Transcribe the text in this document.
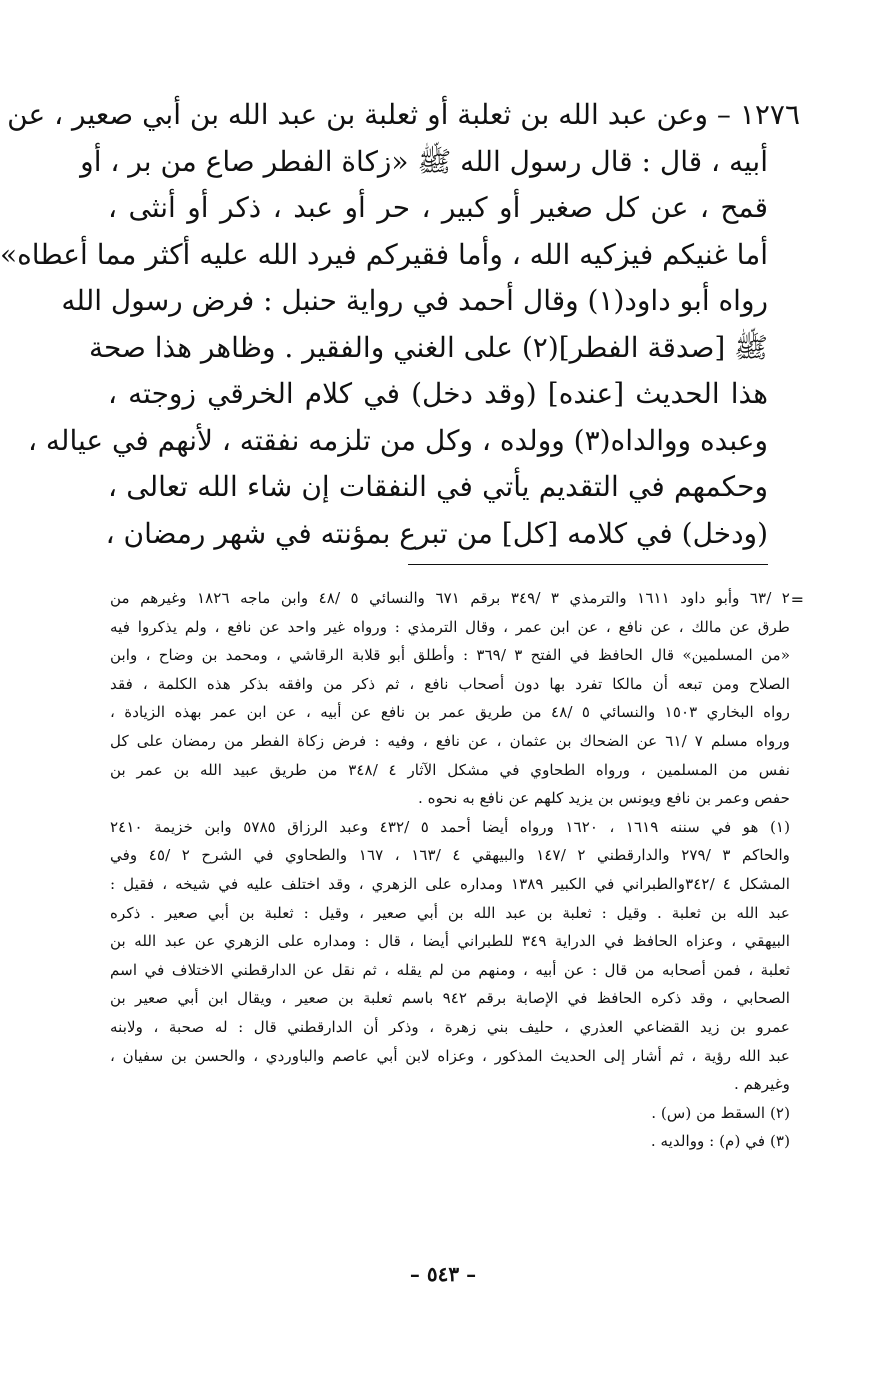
١٢٧٦ – وعن عبد الله بن ثعلبة أو ثعلبة بن عبد الله بن أبي صعير ، عن
أبيه ، قال : قال رسول الله ﷺ «زكاة الفطر صاع من بر ، أو
قمح ، عن كل صغير أو كبير ، حر أو عبد ، ذكر أو أنثى ،
أما غنيكم فيزكيه الله ، وأما فقيركم فيرد الله عليه أكثر مما أعطاه»
رواه أبو داود(١) وقال أحمد في رواية حنبل : فرض رسول الله
ﷺ [صدقة الفطر](٢) على الغني والفقير . وظاهر هذا صحة
هذا الحديث [عنده] (وقد دخل) في كلام الخرقي زوجته ،
وعبده ووالداه(٣) وولده ، وكل من تلزمه نفقته ، لأنهم في عياله ،
وحكمهم في التقديم يأتي في النفقات إن شاء الله تعالى ،
(ودخل) في كلامه [كل] من تبرع بمؤنته في شهر رمضان ،
=
٢ /٦٣ وأبو داود ١٦١١ والترمذي ٣ /٣٤٩ برقم ٦٧١ والنسائي ٥ /٤٨ وابن ماجه ١٨٢٦ وغيرهم من
طرق عن مالك ، عن نافع ، عن ابن عمر ، وقال الترمذي : ورواه غير واحد عن نافع ، ولم يذكروا فيه
«من المسلمين» قال الحافظ في الفتح ٣ /٣٦٩ : وأطلق أبو قلابة الرقاشي ، ومحمد بن وضاح ، وابن
الصلاح ومن تبعه أن مالكا تفرد بها دون أصحاب نافع ، ثم ذكر من وافقه بذكر هذه الكلمة ، فقد
رواه البخاري ١٥٠٣ والنسائي ٥ /٤٨ من طريق عمر بن نافع عن أبيه ، عن ابن عمر بهذه الزيادة ،
ورواه مسلم ٧ /٦١ عن الضحاك بن عثمان ، عن نافع ، وفيه : فرض زكاة الفطر من رمضان على كل
نفس من المسلمين ، ورواه الطحاوي في مشكل الآثار ٤ /٣٤٨ من طريق عبيد الله بن عمر بن
حفص وعمر بن نافع ويونس بن يزيد كلهم عن نافع به نحوه .
(١) هو في سننه ١٦١٩ ، ١٦٢٠ ورواه أيضا أحمد ٥ /٤٣٢ وعبد الرزاق ٥٧٨٥ وابن خزيمة ٢٤١٠
والحاكم ٣ /٢٧٩ والدارقطني ٢ /١٤٧ والبيهقي ٤ /١٦٣ ، ١٦٧ والطحاوي في الشرح ٢ /٤٥ وفي
المشكل ٤ /٣٤٢والطبراني في الكبير ١٣٨٩ ومداره على الزهري ، وقد اختلف عليه في شيخه ، فقيل :
عبد الله بن ثعلبة . وقيل : ثعلبة بن عبد الله بن أبي صعير ، وقيل : ثعلبة بن أبي صعير . ذكره
البيهقي ، وعزاه الحافظ في الدراية ٣٤٩ للطبراني أيضا ، قال : ومداره على الزهري عن عبد الله بن
ثعلبة ، فمن أصحابه من قال : عن أبيه ، ومنهم من لم يقله ، ثم نقل عن الدارقطني الاختلاف في اسم
الصحابي ، وقد ذكره الحافظ في الإصابة برقم ٩٤٢ باسم ثعلبة بن صعير ، ويقال ابن أبي صعير بن
عمرو بن زيد القضاعي العذري ، حليف بني زهرة ، وذكر أن الدارقطني قال : له صحبة ، ولابنه
عبد الله رؤية ، ثم أشار إلى الحديث المذكور ، وعزاه لابن أبي عاصم والباوردي ، والحسن بن سفيان ،
وغيرهم .
(٢) السقط من (س) .
(٣) في (م) : ووالديه .
– ٥٤٣ –
